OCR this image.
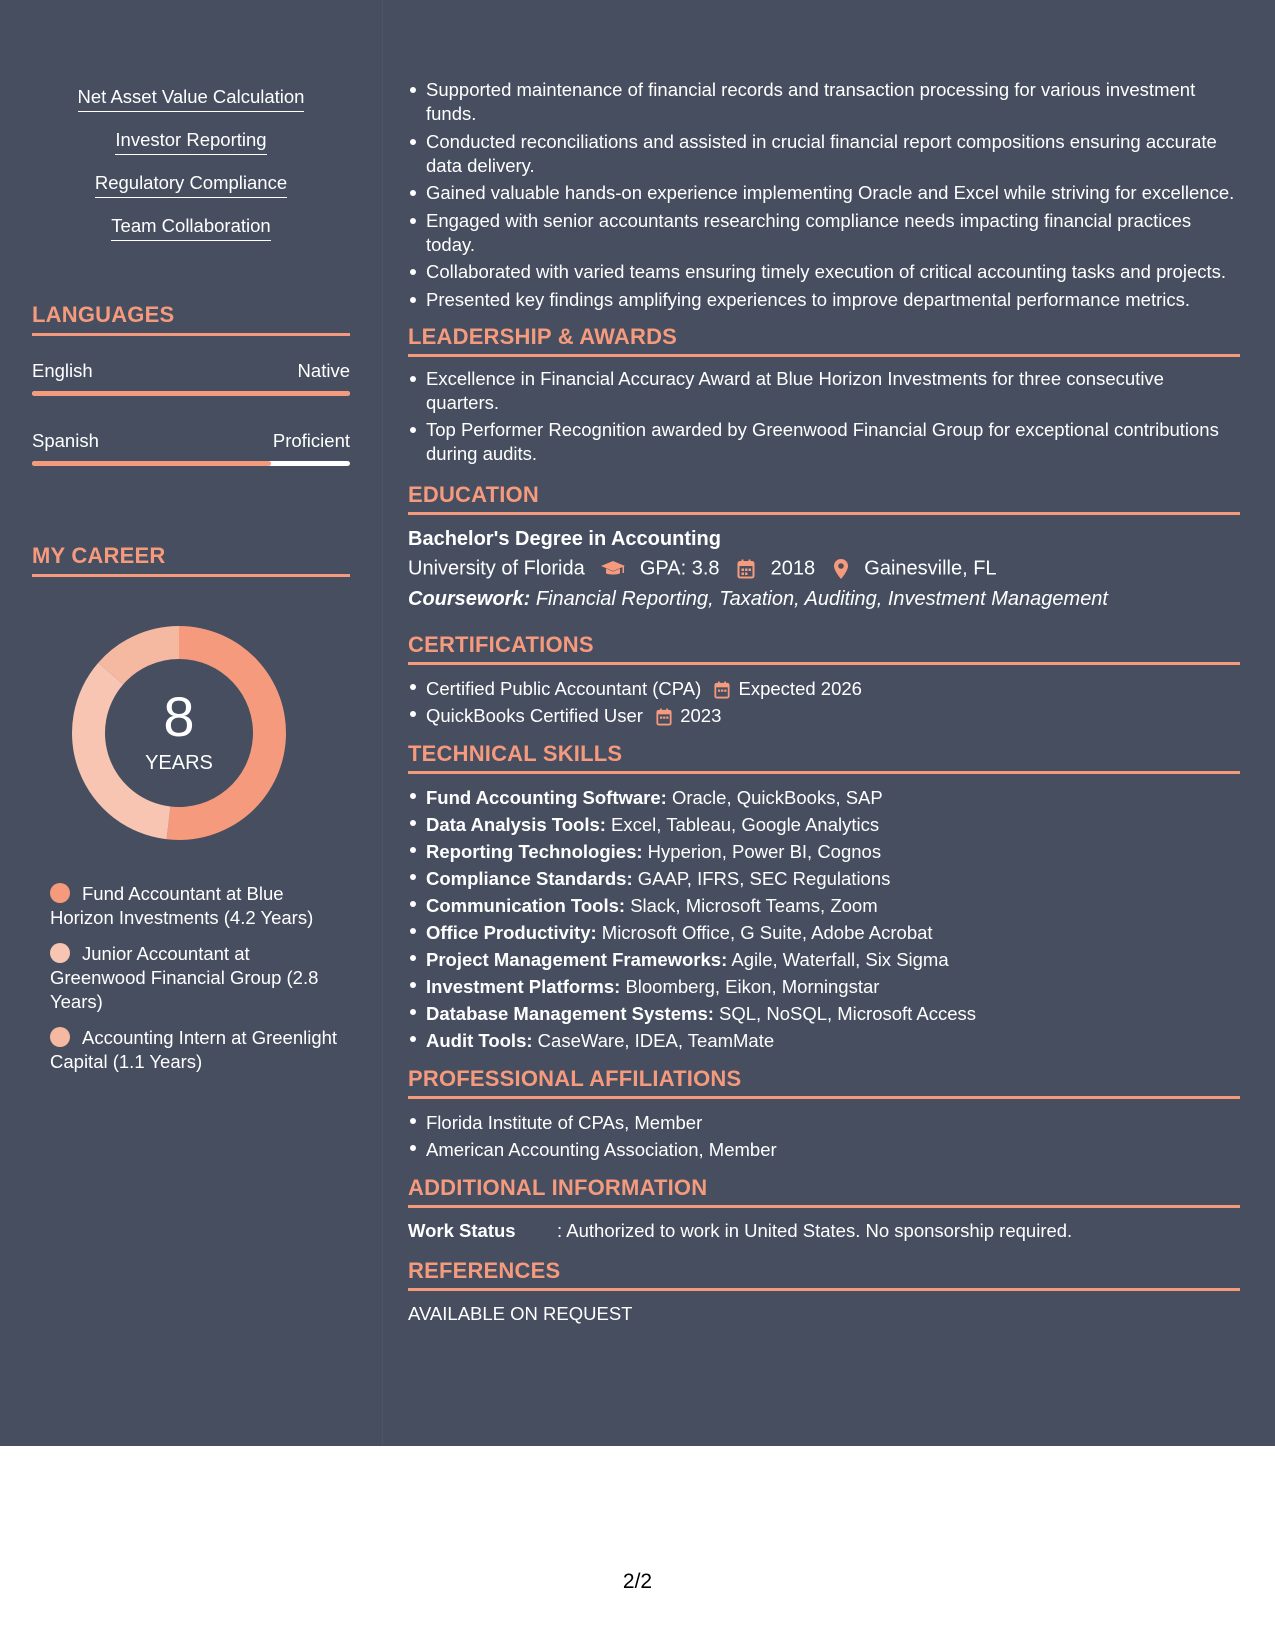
Net Asset Value Calculation
Investor Reporting
Regulatory Compliance
Team Collaboration
LANGUAGES
English	Native
Spanish	Proficient
MY CAREER
8
YEARS
Fund Accountant at Blue Horizon Investments (4.2 Years)
Junior Accountant at Greenwood Financial Group (2.8 Years)
Accounting Intern at Greenlight Capital (1.1 Years)
Supported maintenance of financial records and transaction processing for various investment funds.
Conducted reconciliations and assisted in crucial financial report compositions ensuring accurate data delivery.
Gained valuable hands-on experience implementing Oracle and Excel while striving for excellence.
Engaged with senior accountants researching compliance needs impacting financial practices today.
Collaborated with varied teams ensuring timely execution of critical accounting tasks and projects.
Presented key findings amplifying experiences to improve departmental performance metrics.
LEADERSHIP & AWARDS
Excellence in Financial Accuracy Award at Blue Horizon Investments for three consecutive quarters.
Top Performer Recognition awarded by Greenwood Financial Group for exceptional contributions during audits.
EDUCATION
Bachelor's Degree in Accounting
University of Florida	GPA: 3.8	2018 Gainesville, FL
Coursework: Financial Reporting, Taxation, Auditing, Investment Management
CERTIFICATIONS
Certified Public Accountant (CPA) Expected 2026
QuickBooks Certified User 2023
TECHNICAL SKILLS
Fund Accounting Software: Oracle, QuickBooks, SAP
Data Analysis Tools: Excel, Tableau, Google Analytics
Reporting Technologies: Hyperion, Power BI, Cognos
Compliance Standards: GAAP, IFRS, SEC Regulations
Communication Tools: Slack, Microsoft Teams, Zoom
Office Productivity: Microsoft Office, G Suite, Adobe Acrobat
Project Management Frameworks: Agile, Waterfall, Six Sigma
Investment Platforms: Bloomberg, Eikon, Morningstar
Database Management Systems: SQL, NoSQL, Microsoft Access
Audit Tools: CaseWare, IDEA, TeamMate
PROFESSIONAL AFFILIATIONS
Florida Institute of CPAs, Member
American Accounting Association, Member
ADDITIONAL INFORMATION
Work Status : Authorized to work in United States. No sponsorship required.
REFERENCES
AVAILABLE ON REQUEST
2/2
